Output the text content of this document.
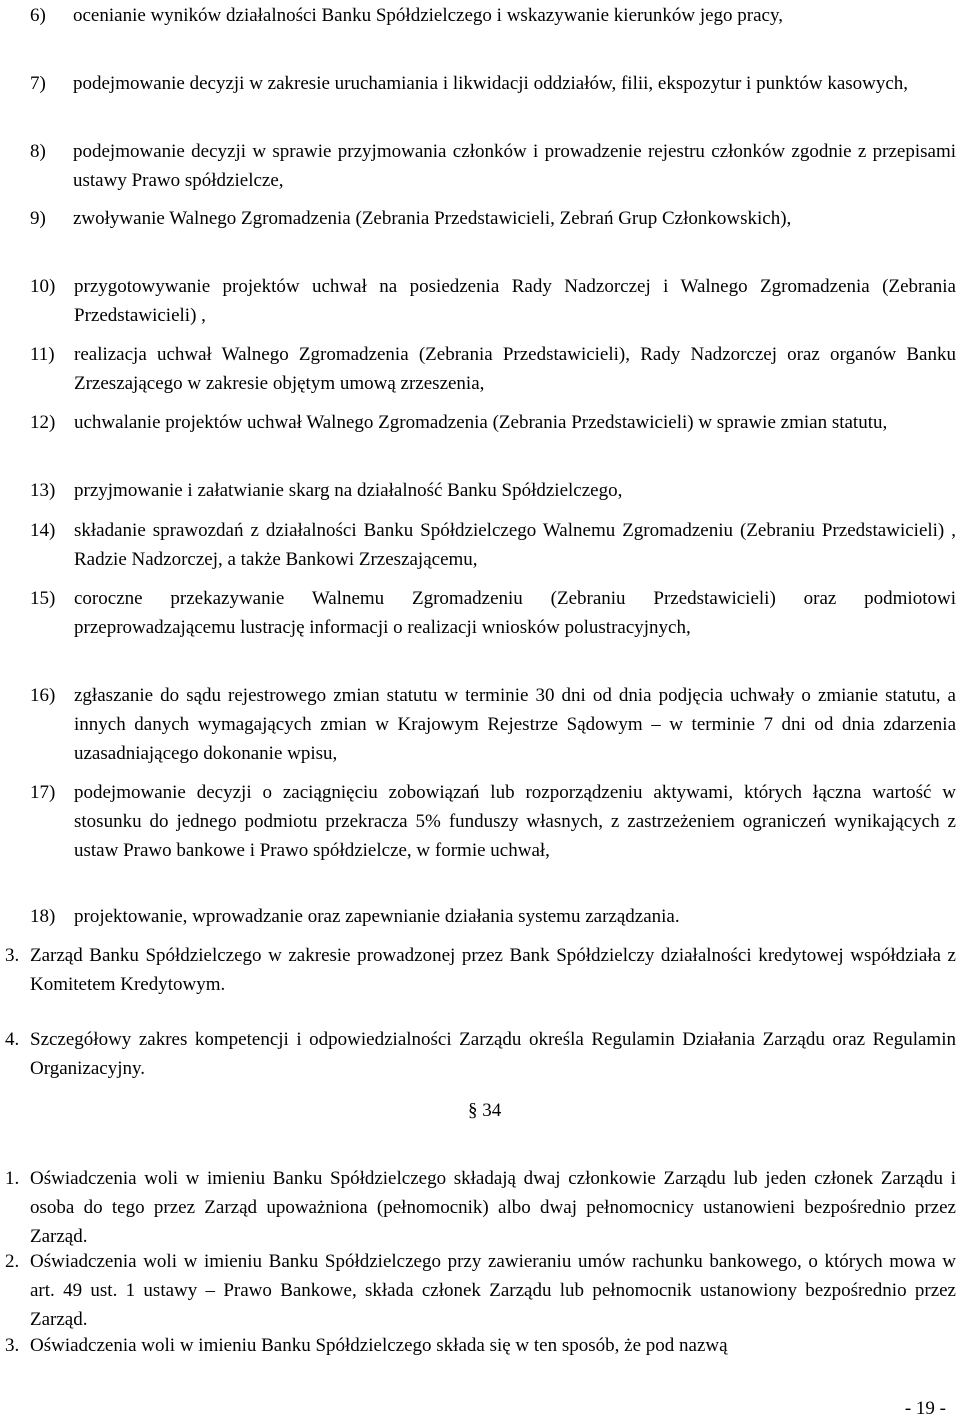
6)	ocenianie wyników działalności Banku Spółdzielczego i wskazywanie kierunków jego pracy,
7)	podejmowanie decyzji w zakresie uruchamiania i likwidacji oddziałów, filii, ekspozytur i punktów kasowych,
8)	podejmowanie decyzji w sprawie przyjmowania członków i prowadzenie rejestru członków zgodnie z przepisami ustawy Prawo spółdzielcze,
9)	zwoływanie Walnego Zgromadzenia (Zebrania Przedstawicieli, Zebrań Grup Członkowskich),
10) przygotowywanie projektów uchwał na posiedzenia Rady Nadzorczej i Walnego Zgromadzenia (Zebrania Przedstawicieli) ,
11)	realizacja uchwał Walnego Zgromadzenia (Zebrania Przedstawicieli), Rady Nadzorczej oraz organów Banku Zrzeszającego w zakresie objętym umową zrzeszenia,
12) uchwalanie projektów uchwał Walnego Zgromadzenia (Zebrania Przedstawicieli) w sprawie zmian statutu,
13) przyjmowanie i załatwianie skarg na działalność Banku Spółdzielczego,
14) składanie sprawozdań z działalności Banku Spółdzielczego Walnemu Zgromadzeniu (Zebraniu Przedstawicieli) , Radzie Nadzorczej, a także Bankowi Zrzeszającemu,
15) coroczne przekazywanie Walnemu Zgromadzeniu (Zebraniu Przedstawicieli) oraz podmiotowi przeprowadzającemu lustrację informacji o realizacji wniosków polustracyjnych,
16) zgłaszanie do sądu rejestrowego zmian statutu w terminie 30 dni od dnia podjęcia uchwały o zmianie statutu, a innych danych wymagających zmian w Krajowym Rejestrze Sądowym – w terminie 7 dni od dnia zdarzenia uzasadniającego dokonanie wpisu,
17) podejmowanie decyzji o zaciągnięciu zobowiązań lub rozporządzeniu aktywami, których łączna wartość w stosunku do jednego podmiotu przekracza 5% funduszy własnych, z zastrzeżeniem ograniczeń wynikających z ustaw Prawo bankowe i Prawo spółdzielcze, w formie uchwał,
18) projektowanie, wprowadzanie oraz zapewnianie działania systemu zarządzania.
3. Zarząd Banku Spółdzielczego w zakresie prowadzonej przez Bank Spółdzielczy działalności kredytowej współdziała z Komitetem Kredytowym.
4. Szczegółowy zakres kompetencji i odpowiedzialności Zarządu określa Regulamin Działania Zarządu oraz Regulamin Organizacyjny.
§ 34
1. Oświadczenia woli w imieniu Banku Spółdzielczego składają dwaj członkowie Zarządu lub jeden członek Zarządu i osoba do tego przez Zarząd upoważniona (pełnomocnik) albo dwaj pełnomocnicy ustanowieni bezpośrednio przez Zarząd.
2. Oświadczenia woli w imieniu Banku Spółdzielczego przy zawieraniu umów rachunku bankowego, o których mowa w art. 49 ust. 1 ustawy – Prawo Bankowe, składa członek Zarządu lub pełnomocnik ustanowiony bezpośrednio przez Zarząd.
3. Oświadczenia woli w imieniu Banku Spółdzielczego składa się w ten sposób, że pod nazwą
- 19 -
